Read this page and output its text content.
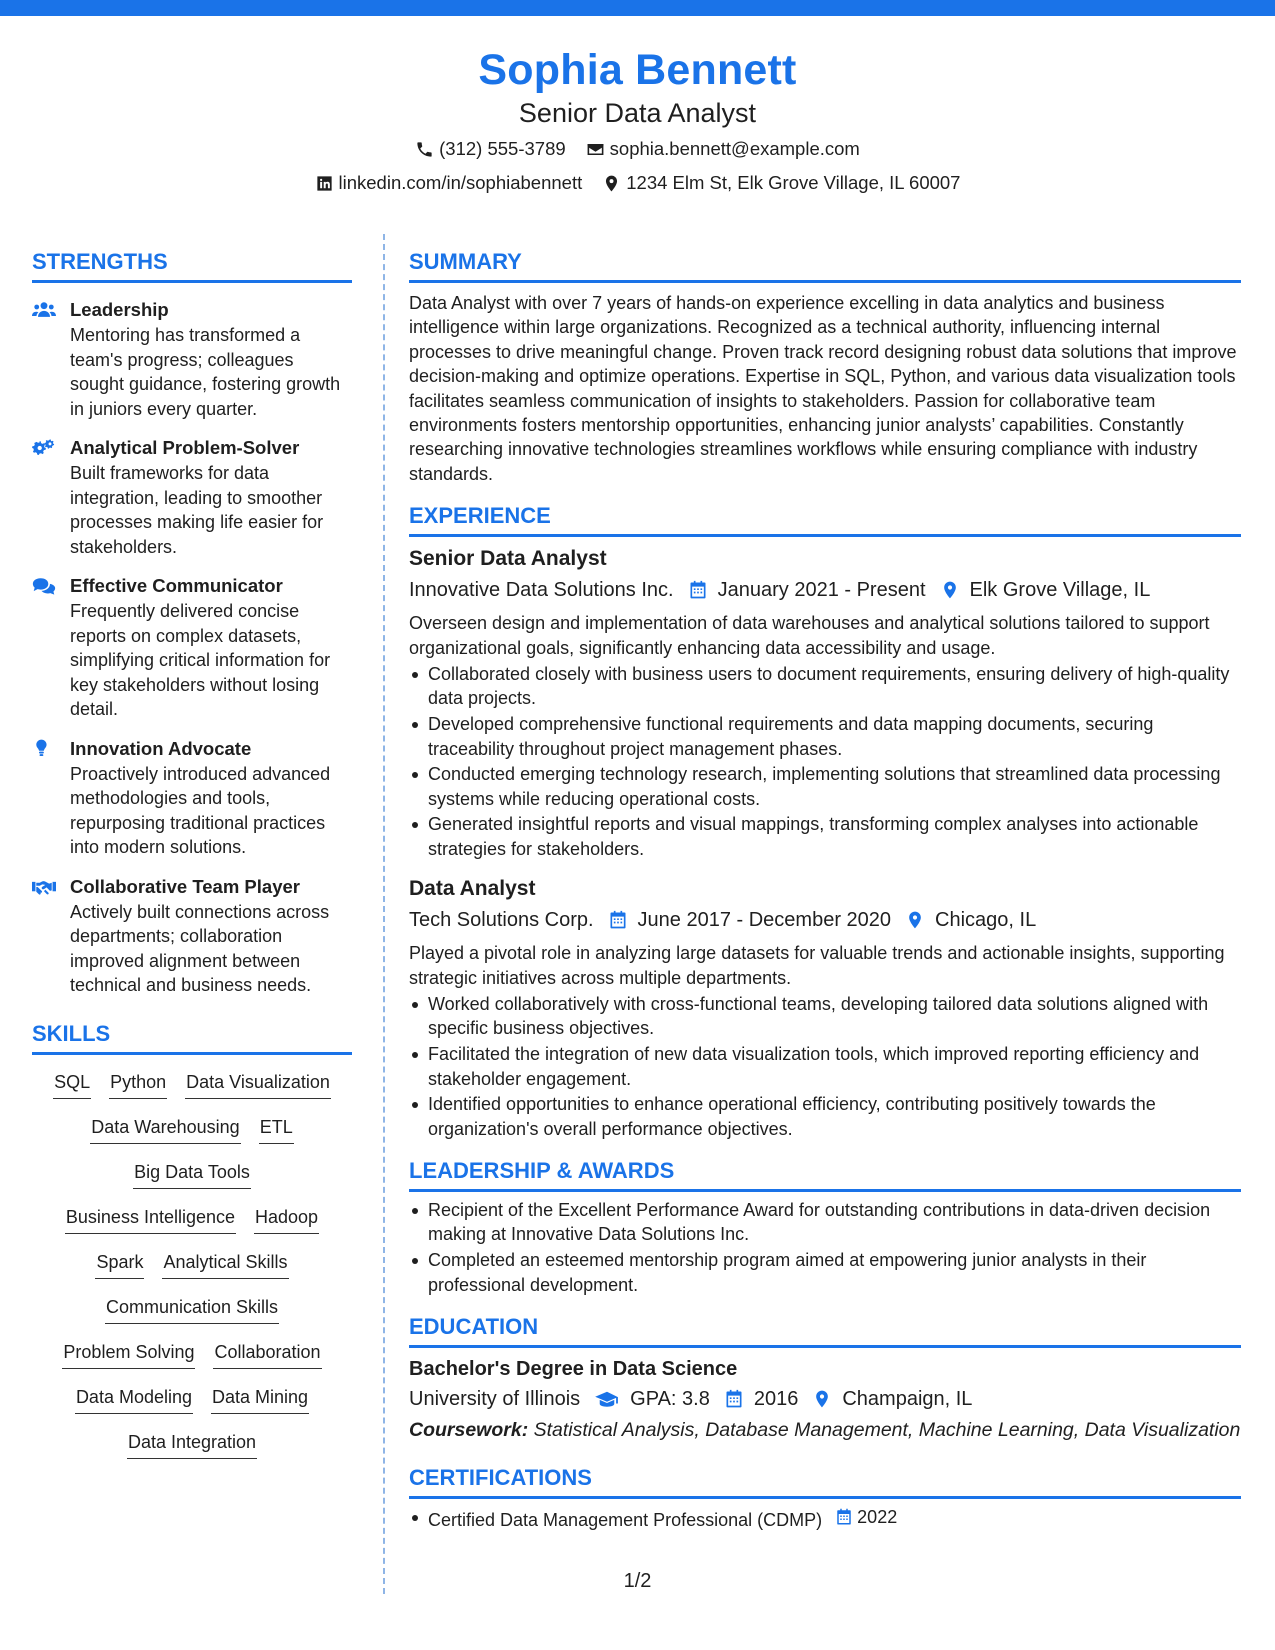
Sophia Bennett
Senior Data Analyst
(312) 555-3789 sophia.bennett@example.com
linkedin.com/in/sophiabennett 1234 Elm St, Elk Grove Village, IL 60007
STRENGTHS
Leadership
Mentoring has transformed a team's progress; colleagues sought guidance, fostering growth in juniors every quarter.
Analytical Problem-Solver
Built frameworks for data integration, leading to smoother processes making life easier for stakeholders.
Effective Communicator
Frequently delivered concise reports on complex datasets, simplifying critical information for key stakeholders without losing detail.
Innovation Advocate
Proactively introduced advanced methodologies and tools, repurposing traditional practices into modern solutions.
Collaborative Team Player
Actively built connections across departments; collaboration improved alignment between technical and business needs.
SKILLS
SQL Python Data Visualization
Data Warehousing ETL
Big Data Tools
Business Intelligence Hadoop
Spark Analytical Skills
Communication Skills
Problem Solving Collaboration
Data Modeling Data Mining
Data Integration
SUMMARY
Data Analyst with over 7 years of hands-on experience excelling in data analytics and business intelligence within large organizations. Recognized as a technical authority, influencing internal processes to drive meaningful change. Proven track record designing robust data solutions that improve decision-making and optimize operations. Expertise in SQL, Python, and various data visualization tools facilitates seamless communication of insights to stakeholders. Passion for collaborative team environments fosters mentorship opportunities, enhancing junior analysts’ capabilities. Constantly researching innovative technologies streamlines workflows while ensuring compliance with industry standards.
EXPERIENCE
Senior Data Analyst
Innovative Data Solutions Inc. January 2021 - Present Elk Grove Village, IL
Overseen design and implementation of data warehouses and analytical solutions tailored to support organizational goals, significantly enhancing data accessibility and usage.
Collaborated closely with business users to document requirements, ensuring delivery of high-quality data projects.
Developed comprehensive functional requirements and data mapping documents, securing traceability throughout project management phases.
Conducted emerging technology research, implementing solutions that streamlined data processing systems while reducing operational costs.
Generated insightful reports and visual mappings, transforming complex analyses into actionable strategies for stakeholders.
Data Analyst
Tech Solutions Corp. June 2017 - December 2020 Chicago, IL
Played a pivotal role in analyzing large datasets for valuable trends and actionable insights, supporting strategic initiatives across multiple departments.
Worked collaboratively with cross-functional teams, developing tailored data solutions aligned with specific business objectives.
Facilitated the integration of new data visualization tools, which improved reporting efficiency and stakeholder engagement.
Identified opportunities to enhance operational efficiency, contributing positively towards the organization's overall performance objectives.
LEADERSHIP & AWARDS
Recipient of the Excellent Performance Award for outstanding contributions in data-driven decision making at Innovative Data Solutions Inc.
Completed an esteemed mentorship program aimed at empowering junior analysts in their professional development.
EDUCATION
Bachelor's Degree in Data Science
University of Illinois	GPA: 3.8 2016 Champaign, IL
Coursework: Statistical Analysis, Database Management, Machine Learning, Data Visualization
CERTIFICATIONS
Certified Data Management Professional (CDMP) 2022
1/2
